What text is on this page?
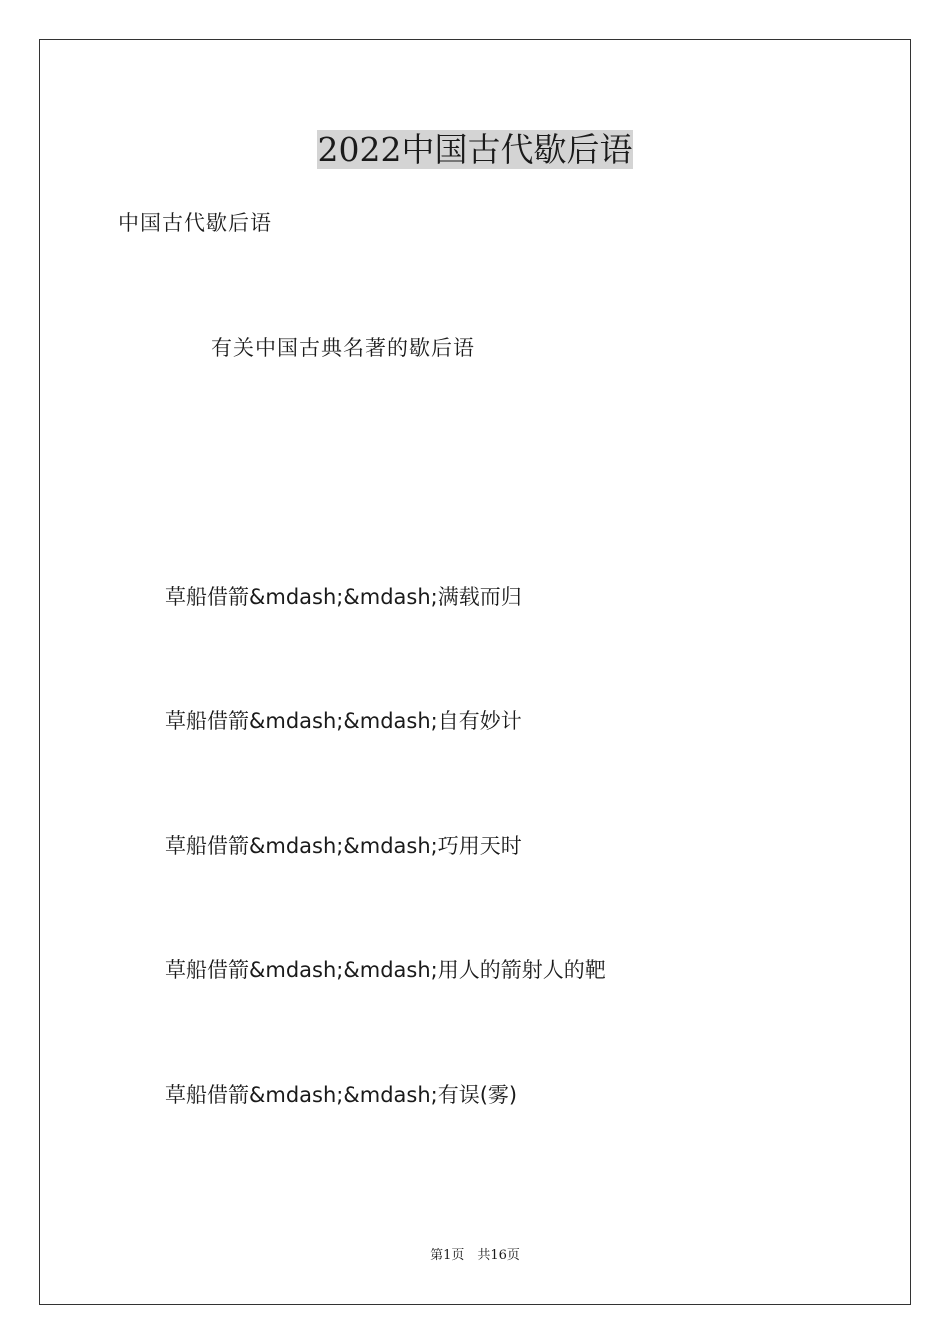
2022中国古代歇后语
中国古代歇后语
有关中国古典名著的歇后语
草船借箭&mdash;&mdash;满载而归
草船借箭&mdash;&mdash;自有妙计
草船借箭&mdash;&mdash;巧用天时
草船借箭&mdash;&mdash;用人的箭射人的靶
草船借箭&mdash;&mdash;有误(雾)
第1页　共16页
